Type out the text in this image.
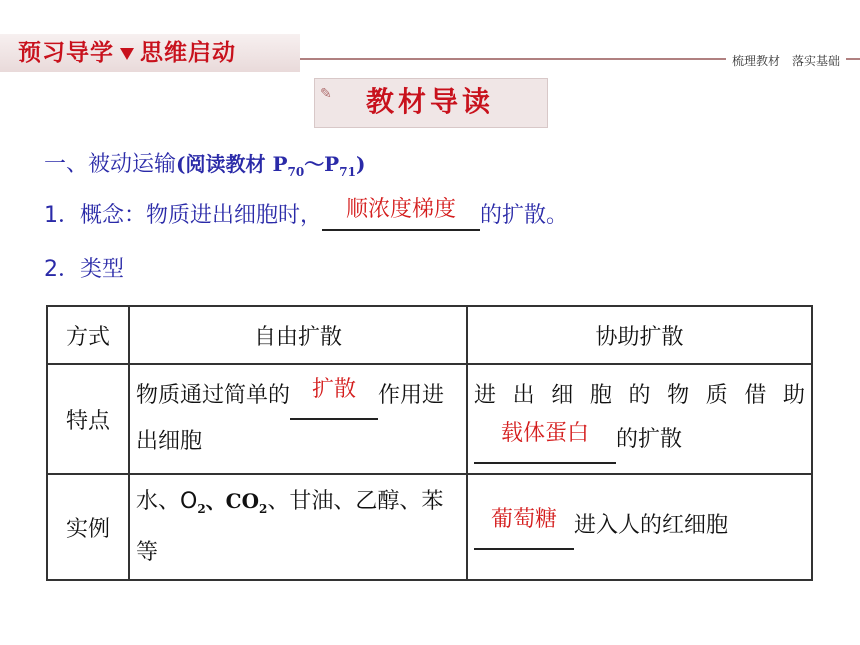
预习导学 思维启动	梳理教材　落实基础
✎	教材导读
一、被动运输(阅读教材 $P_{70}\sim P_{71}$)
1．概念：物质进出细胞时， 顺浓度梯度 的扩散。
2．类型
方式	自由扩散	协助扩散
特点	物质通过简单的 扩散 作用进出细胞	进 出 细 胞 的 物 质 借 助
载体蛋白 的扩散

实例	水、$O_2$、$CO_2$、甘油、乙醇、苯等	葡萄糖 进入人的红细胞
